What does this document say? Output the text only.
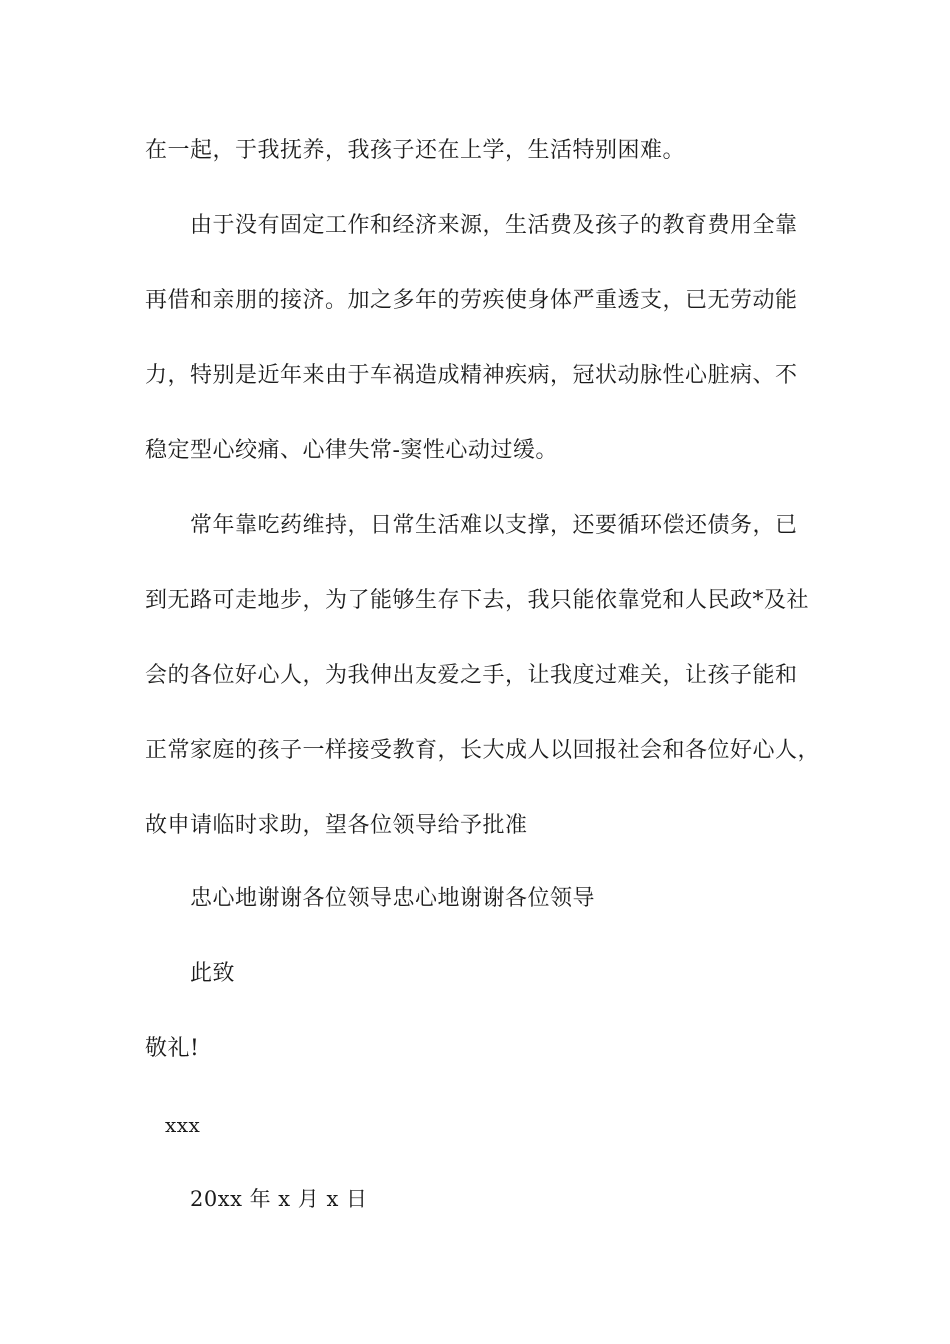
在一起，于我抚养，我孩子还在上学，生活特别困难。
由于没有固定工作和经济来源，生活费及孩子的教育费用全靠
再借和亲朋的接济。加之多年的劳疾使身体严重透支，已无劳动能
力，特别是近年来由于车祸造成精神疾病，冠状动脉性心脏病、不
稳定型心绞痛、心律失常-窦性心动过缓。
常年靠吃药维持，日常生活难以支撑，还要循环偿还债务，已
到无路可走地步，为了能够生存下去，我只能依靠党和人民政*及社
会的各位好心人，为我伸出友爱之手，让我度过难关，让孩子能和
正常家庭的孩子一样接受教育，长大成人以回报社会和各位好心人，
故申请临时求助，望各位领导给予批准
忠心地谢谢各位领导忠心地谢谢各位领导
此致
敬礼!
xxx
20xx 年 x 月 x 日
